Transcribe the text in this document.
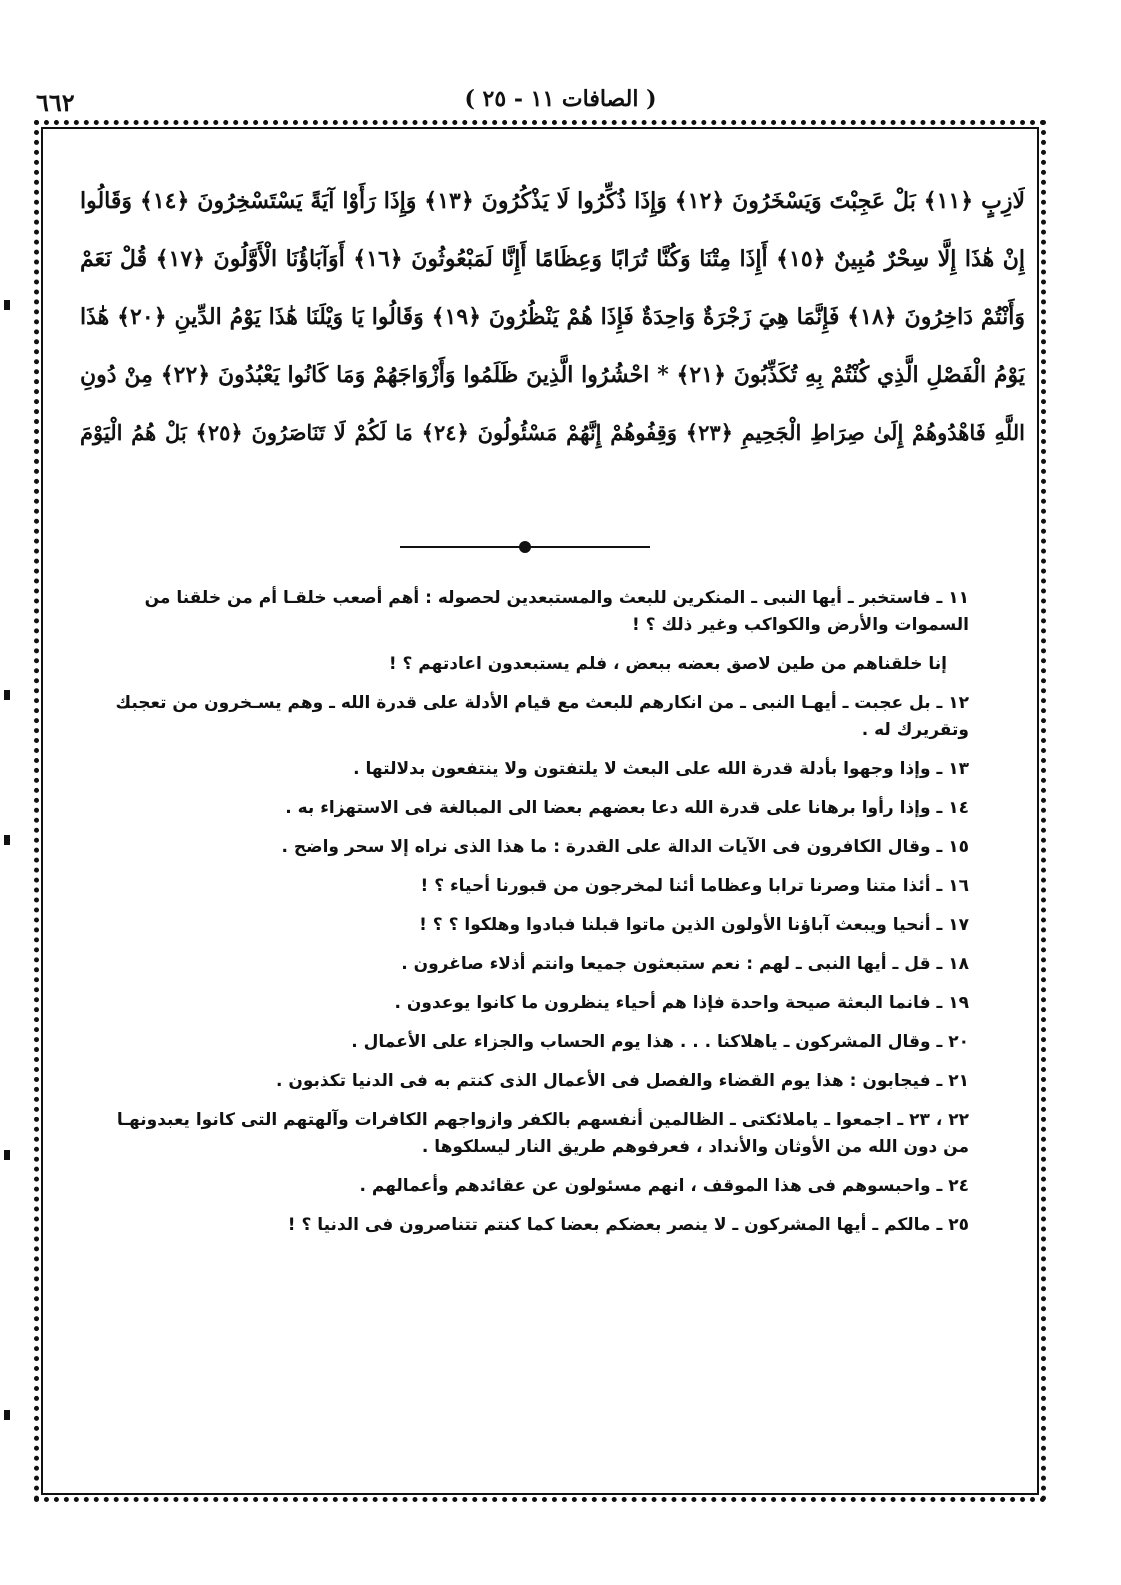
٦٦٢	( الصافات ١١ - ٢٥ )
لَازِبٍ ﴿١١﴾ بَلْ عَجِبْتَ وَيَسْخَرُونَ ﴿١٢﴾ وَإِذَا ذُكِّرُوا لَا يَذْكُرُونَ ﴿١٣﴾ وَإِذَا رَأَوْا آيَةً يَسْتَسْخِرُونَ ﴿١٤﴾ وَقَالُوا
إِنْ هَٰذَا إِلَّا سِحْرٌ مُبِينٌ ﴿١٥﴾ أَإِذَا مِتْنَا وَكُنَّا تُرَابًا وَعِظَامًا أَإِنَّا لَمَبْعُوثُونَ ﴿١٦﴾ أَوَآبَاؤُنَا الْأَوَّلُونَ ﴿١٧﴾ قُلْ نَعَمْ
وَأَنْتُمْ دَاخِرُونَ ﴿١٨﴾ فَإِنَّمَا هِيَ زَجْرَةٌ وَاحِدَةٌ فَإِذَا هُمْ يَنْظُرُونَ ﴿١٩﴾ وَقَالُوا يَا وَيْلَنَا هَٰذَا يَوْمُ الدِّينِ ﴿٢٠﴾ هَٰذَا
يَوْمُ الْفَصْلِ الَّذِي كُنْتُمْ بِهِ تُكَذِّبُونَ ﴿٢١﴾ * احْشُرُوا الَّذِينَ ظَلَمُوا وَأَزْوَاجَهُمْ وَمَا كَانُوا يَعْبُدُونَ ﴿٢٢﴾ مِنْ دُونِ
اللَّهِ فَاهْدُوهُمْ إِلَىٰ صِرَاطِ الْجَحِيمِ ﴿٢٣﴾ وَقِفُوهُمْ إِنَّهُمْ مَسْئُولُونَ ﴿٢٤﴾ مَا لَكُمْ لَا تَنَاصَرُونَ ﴿٢٥﴾ بَلْ هُمُ الْيَوْمَ
١١ ـ فاستخبر ـ أيها النبى ـ المنكرين للبعث والمستبعدين لحصوله : أهم أصعب خلقـا أم من خلقنا من السموات والأرض والكواكب وغير ذلك ؟ !
إنا خلقناهم من طين لاصق بعضه ببعض ، فلم يستبعدون اعادتهم ؟ !
١٢ ـ بل عجبت ـ أيهـا النبى ـ من انكارهم للبعث مع قيام الأدلة على قدرة الله ـ وهم يسـخرون من تعجبك وتقريرك له .
١٣ ـ وإذا وجهوا بأدلة قدرة الله على البعث لا يلتفتون ولا ينتفعون بدلالتها .
١٤ ـ وإذا رأوا برهانا على قدرة الله دعا بعضهم بعضا الى المبالغة فى الاستهزاء به .
١٥ ـ وقال الكافرون فى الآيات الدالة على القدرة : ما هذا الذى نراه إلا سحر واضح .
١٦ ـ أئذا متنا وصرنا ترابا وعظاما أئنا لمخرجون من قبورنا أحياء ؟ !
١٧ ـ أنحيا ويبعث آباؤنا الأولون الذين ماتوا قبلنا فبادوا وهلكوا ؟ ؟ !
١٨ ـ قل ـ أيها النبى ـ لهم : نعم ستبعثون جميعا وانتم أذلاء صاغرون .
١٩ ـ فانما البعثة صيحة واحدة فإذا هم أحياء ينظرون ما كانوا يوعدون .
٢٠ ـ وقال المشركون ـ ياهلاكنا . . . هذا يوم الحساب والجزاء على الأعمال .
٢١ ـ فيجابون : هذا يوم القضاء والفصل فى الأعمال الذى كنتم به فى الدنيا تكذبون .
٢٢ ، ٢٣ ـ اجمعوا ـ ياملائكتى ـ الظالمين أنفسهم بالكفر وازواجهم الكافرات وآلهتهم التى كانوا يعبدونهـا من دون الله من الأوثان والأنداد ، فعرفوهم طريق النار ليسلكوها .
٢٤ ـ واحبسوهم فى هذا الموقف ، انهم مسئولون عن عقائدهم وأعمالهم .
٢٥ ـ مالكم ـ أيها المشركون ـ لا ينصر بعضكم بعضا كما كنتم تتناصرون فى الدنيا ؟ !
